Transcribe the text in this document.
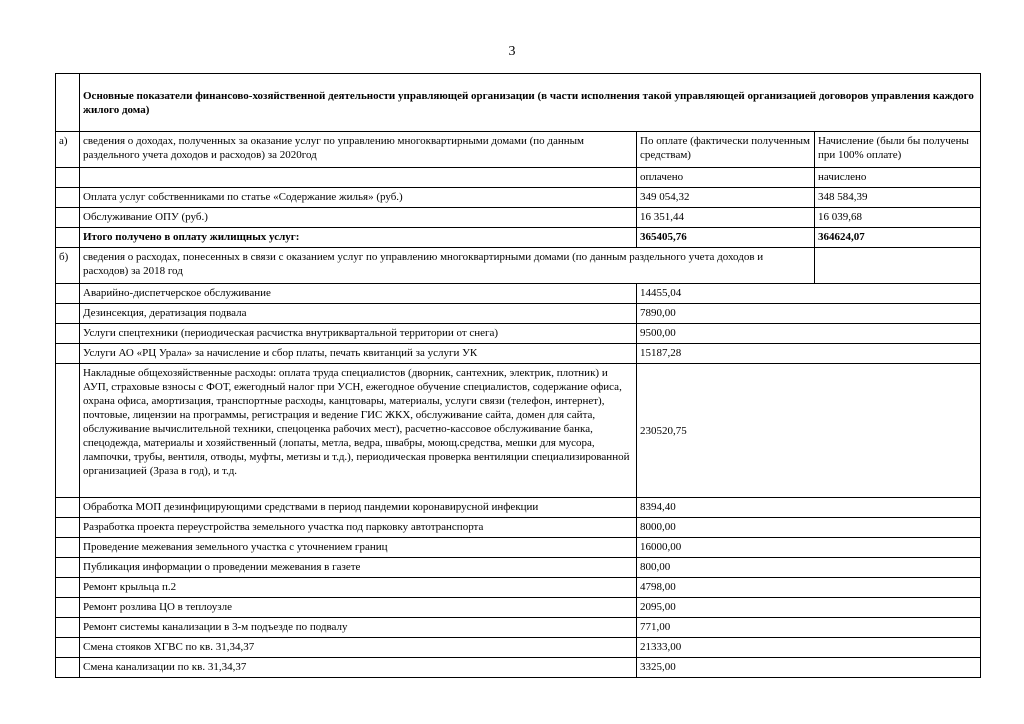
3
	Основные показатели финансово-хозяйственной деятельности управляющей организации (в части исполнения такой управляющей организацией договоров управления каждого жилого дома)		
а)	сведения о доходах, полученных за оказание услуг по управлению многоквартирными домами (по данным раздельного учета доходов и расходов) за 2020год	По оплате (фактически полученным средствам)	Начисление (были бы получены при 100% оплате)
		оплачено	начислено
	Оплата услуг собственниками по статье «Содержание жилья» (руб.)	349 054,32	348 584,39
	Обслуживание ОПУ (руб.)	16 351,44	16 039,68
	Итого получено в оплату жилищных услуг:	365405,76	364624,07
б)	сведения о расходах, понесенных в связи с оказанием услуг по управлению многоквартирными домами (по данным раздельного учета доходов и расходов) за 2018 год		
	Аварийно-диспетчерское обслуживание	14455,04	
	Дезинсекция, дератизация подвала	7890,00	
	Услуги спецтехники (периодическая расчистка внутриквартальной территории от снега)	9500,00	
	Услуги АО «РЦ Урала» за начисление и сбор платы, печать квитанций за услуги УК	15187,28	
	Накладные общехозяйственные расходы: оплата труда специалистов (дворник, сантехник, электрик, плотник) и АУП, страховые взносы с ФОТ, ежегодный налог при УСН, ежегодное обучение специалистов, содержание офиса, охрана офиса, амортизация, транспортные расходы, канцтовары, материалы, услуги связи (телефон, интернет), почтовые, лицензии на программы, регистрация и ведение ГИС ЖКХ, обслуживание сайта, домен для сайта, обслуживание вычислительной техники, спецоценка рабочих мест), расчетно-кассовое обслуживание банка, спецодежда, материалы и хозяйственный (лопаты, метла, ведра, швабры, моющ.средства, мешки для мусора, лампочки, трубы, вентиля, отводы, муфты, метизы и т.д.), периодическая проверка вентиляции специализированной организацией (3раза в год), и т.д.	230520,75	
	Обработка МОП дезинфицирующими средствами в период пандемии коронавирусной инфекции	8394,40	
	Разработка проекта переустройства земельного участка под парковку автотранспорта	8000,00	
	Проведение межевания земельного участка с уточнением границ	16000,00	
	Публикация информации о проведении межевания в газете	800,00	
	Ремонт крыльца п.2	4798,00	
	Ремонт розлива ЦО в теплоузле	2095,00	
	Ремонт системы канализации в 3-м подъезде по подвалу	771,00	
	Смена стояков ХГВС по кв. 31,34,37	21333,00	
	Смена канализации по кв. 31,34,37	3325,00	
